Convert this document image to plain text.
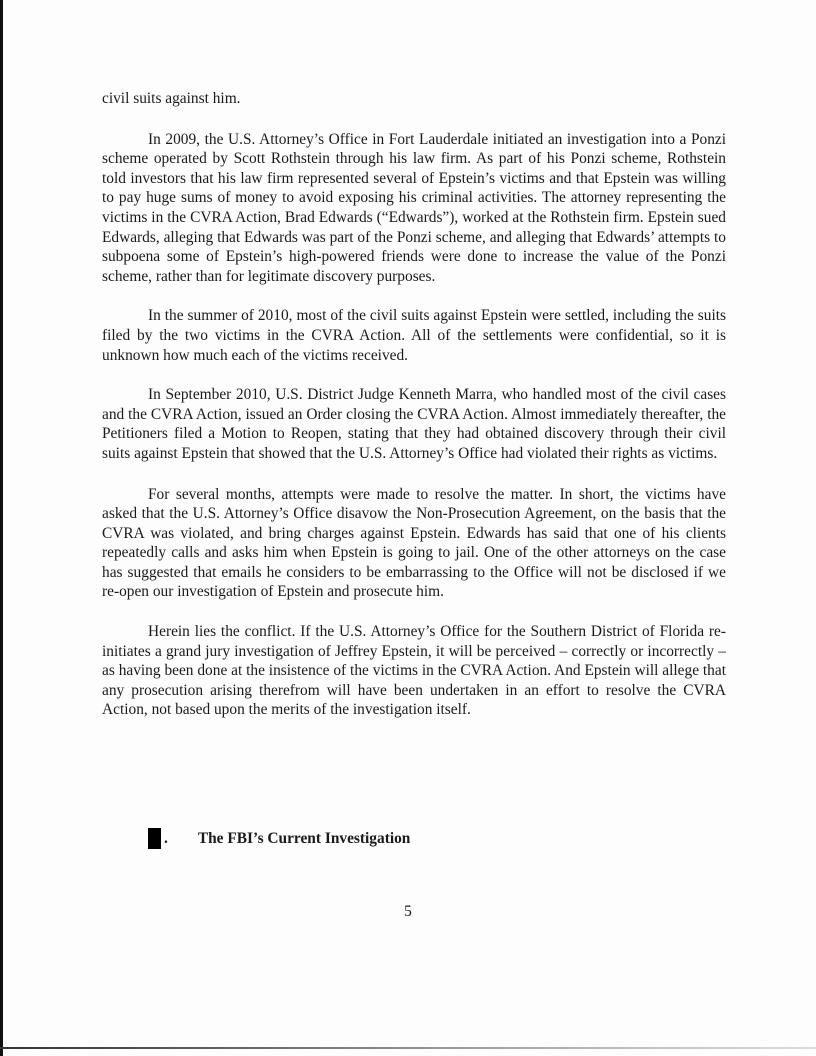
civil suits against him.

In 2009, the U.S. Attorney’s Office in Fort Lauderdale initiated an investigation into a Ponzi scheme operated by Scott Rothstein through his law firm. As part of his Ponzi scheme, Rothstein told investors that his law firm represented several of Epstein’s victims and that Epstein was willing to pay huge sums of money to avoid exposing his criminal activities. The attorney representing the victims in the CVRA Action, Brad Edwards (“Edwards”), worked at the Rothstein firm. Epstein sued Edwards, alleging that Edwards was part of the Ponzi scheme, and alleging that Edwards’ attempts to subpoena some of Epstein’s high-powered friends were done to increase the value of the Ponzi scheme, rather than for legitimate discovery purposes.

In the summer of 2010, most of the civil suits against Epstein were settled, including the suits filed by the two victims in the CVRA Action. All of the settlements were confidential, so it is unknown how much each of the victims received.

In September 2010, U.S. District Judge Kenneth Marra, who handled most of the civil cases and the CVRA Action, issued an Order closing the CVRA Action. Almost immediately thereafter, the Petitioners filed a Motion to Reopen, stating that they had obtained discovery through their civil suits against Epstein that showed that the U.S. Attorney’s Office had violated their rights as victims.

For several months, attempts were made to resolve the matter. In short, the victims have asked that the U.S. Attorney’s Office disavow the Non-Prosecution Agreement, on the basis that the CVRA was violated, and bring charges against Epstein. Edwards has said that one of his clients repeatedly calls and asks him when Epstein is going to jail. One of the other attorneys on the case has suggested that emails he considers to be embarrassing to the Office will not be disclosed if we re-open our investigation of Epstein and prosecute him.

Herein lies the conflict. If the U.S. Attorney’s Office for the Southern District of Florida re-initiates a grand jury investigation of Jeffrey Epstein, it will be perceived – correctly or incorrectly – as having been done at the insistence of the victims in the CVRA Action. And Epstein will allege that any prosecution arising therefrom will have been undertaken in an effort to resolve the CVRA Action, not based upon the merits of the investigation itself.

. The FBI’s Current Investigation
5
